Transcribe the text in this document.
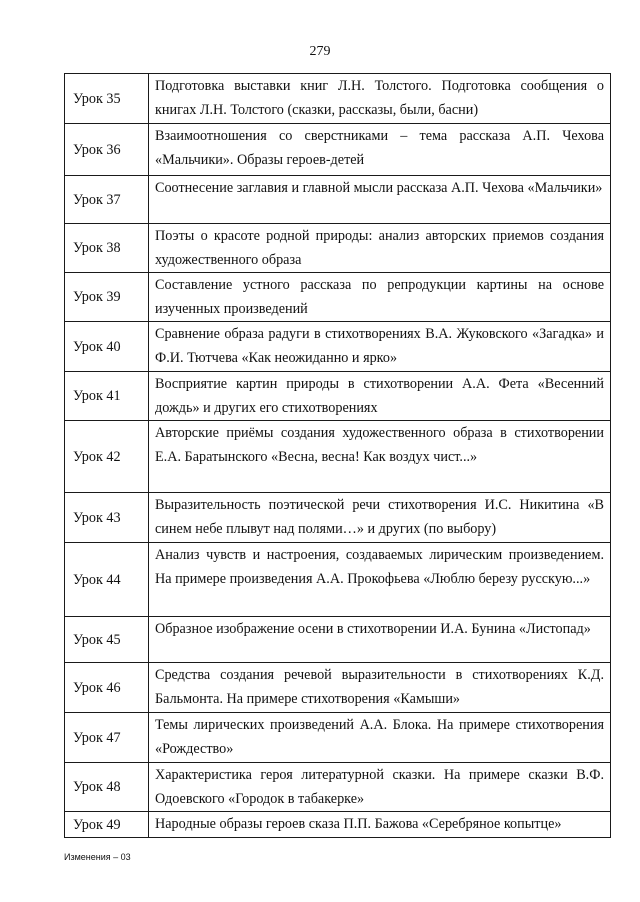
279
Урок 35	Подготовка выставки книг Л.Н. Толстого. Подготовка сообщения о книгах Л.Н. Толстого (сказки, рассказы, были, басни)
Урок 36	Взаимоотношения со сверстниками – тема рассказа А.П. Чехова «Мальчики». Образы героев-детей
Урок 37	Соотнесение заглавия и главной мысли рассказа А.П. Чехова «Мальчики»
Урок 38	Поэты о красоте родной природы: анализ авторских приемов создания художественного образа
Урок 39	Составление устного рассказа по репродукции картины на основе изученных произведений
Урок 40	Сравнение образа радуги в стихотворениях В.А. Жуковского «Загадка» и Ф.И. Тютчева «Как неожиданно и ярко»
Урок 41	Восприятие картин природы в стихотворении А.А. Фета «Весенний дождь» и других его стихотворениях
Урок 42	Авторские приёмы создания художественного образа в стихотворении Е.А. Баратынского «Весна, весна! Как воздух чист...»
Урок 43	Выразительность поэтической речи стихотворения И.С. Никитина «В синем небе плывут над полями…» и других (по выбору)
Урок 44	Анализ чувств и настроения, создаваемых лирическим произведением. На примере произведения А.А. Прокофьева «Люблю березу русскую...»
Урок 45	Образное изображение осени в стихотворении И.А. Бунина «Листопад»
Урок 46	Средства создания речевой выразительности в стихотворениях К.Д. Бальмонта. На примере стихотворения «Камыши»
Урок 47	Темы лирических произведений А.А. Блока. На примере стихотворения «Рождество»
Урок 48	Характеристика героя литературной сказки. На примере сказки В.Ф. Одоевского «Городок в табакерке»
Урок 49	Народные образы героев сказа П.П. Бажова «Серебряное копытце»
Изменения – 03
